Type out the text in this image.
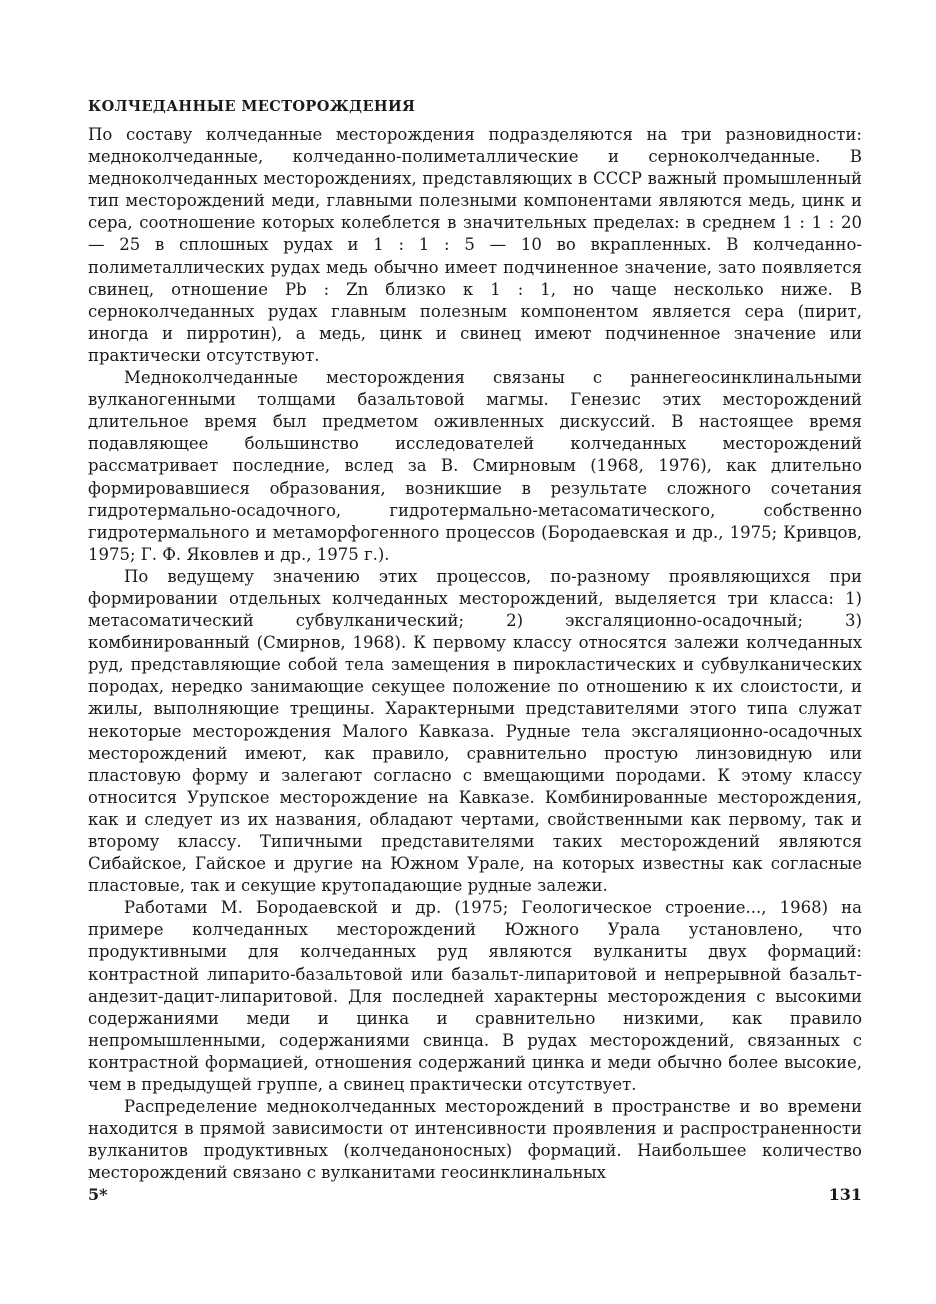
КОЛЧЕДАННЫЕ МЕСТОРОЖДЕНИЯ

По составу колчеданные месторождения подразделяются на три разновидности: медноколчеданные, колчеданно-полиметаллические и серноколчеданные. В медноколчеданных месторождениях, представляющих в СССР важный промышленный тип месторождений меди, главными полезными компонентами являются медь, цинк и сера, соотношение которых колеблется в значительных пределах: в среднем 1 : 1 : 20 — 25 в сплошных рудах и 1 : 1 : 5 — 10 во вкрапленных. В колчеданно-полиметаллических рудах медь обычно имеет подчиненное значение, зато появляется свинец, отношение Pb : Zn близко к 1 : 1, но чаще несколько ниже. В серноколчеданных рудах главным полезным компонентом является сера (пирит, иногда и пирротин), а медь, цинк и свинец имеют подчиненное значение или практически отсутствуют.

Медноколчеданные месторождения связаны с раннегеосинклинальными вулканогенными толщами базальтовой магмы. Генезис этих месторождений длительное время был предметом оживленных дискуссий. В настоящее время подавляющее большинство исследователей колчеданных месторождений рассматривает последние, вслед за В. Смирновым (1968, 1976), как длительно формировавшиеся образования, возникшие в результате сложного сочетания гидротермально-осадочного, гидротермально-метасоматического, собственно гидротермального и метаморфогенного процессов (Бородаевская и др., 1975; Кривцов, 1975; Г. Ф. Яковлев и др., 1975 г.).

По ведущему значению этих процессов, по-разному проявляющихся при формировании отдельных колчеданных месторождений, выделяется три класса: 1) метасоматический субвулканический; 2) эксгаляционно-осадочный; 3) комбинированный (Смирнов, 1968). К первому классу относятся залежи колчеданных руд, представляющие собой тела замещения в пирокластических и субвулканических породах, нередко занимающие секущее положение по отношению к их слоистости, и жилы, выполняющие трещины. Характерными представителями этого типа служат некоторые месторождения Малого Кавказа. Рудные тела эксгаляционно-осадочных месторождений имеют, как правило, сравнительно простую линзовидную или пластовую форму и залегают согласно с вмещающими породами. К этому классу относится Урупское месторождение на Кавказе. Комбинированные месторождения, как и следует из их названия, обладают чертами, свойственными как первому, так и второму классу. Типичными представителями таких месторождений являются Сибайское, Гайское и другие на Южном Урале, на которых известны как согласные пластовые, так и секущие крутопадающие рудные залежи.

Работами М. Бородаевской и др. (1975; Геологическое строение..., 1968) на примере колчеданных месторождений Южного Урала установлено, что продуктивными для колчеданных руд являются вулканиты двух формаций: контрастной липарито-базальтовой или базальт-липаритовой и непрерывной базальт-андезит-дацит-липаритовой. Для последней характерны месторождения с высокими содержаниями меди и цинка и сравнительно низкими, как правило непромышленными, содержаниями свинца. В рудах месторождений, связанных с контрастной формацией, отношения содержаний цинка и меди обычно более высокие, чем в предыдущей группе, а свинец практически отсутствует.

Распределение медноколчеданных месторождений в пространстве и во времени находится в прямой зависимости от интенсивности проявления и распространенности вулканитов продуктивных (колчеданоносных) формаций. Наибольшее количество месторождений связано с вулканитами геосинклинальных

5*	131
